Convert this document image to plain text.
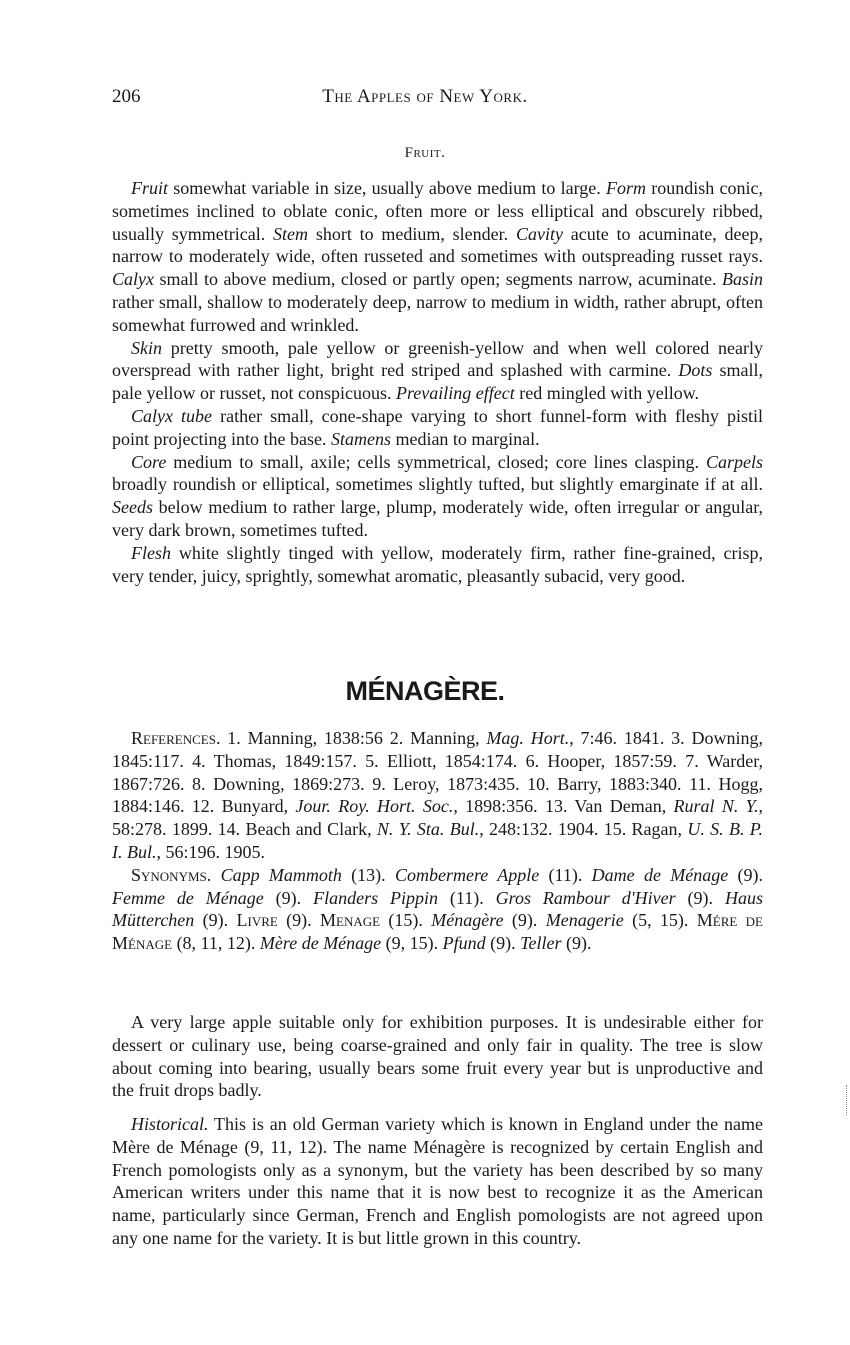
206	The Apples of New York.
Fruit.

Fruit somewhat variable in size, usually above medium to large. Form roundish conic, sometimes inclined to oblate conic, often more or less elliptical and obscurely ribbed, usually symmetrical. Stem short to medium, slender. Cavity acute to acuminate, deep, narrow to moderately wide, often russeted and sometimes with outspreading russet rays. Calyx small to above medium, closed or partly open; segments narrow, acuminate. Basin rather small, shallow to moderately deep, narrow to medium in width, rather abrupt, often somewhat furrowed and wrinkled.

Skin pretty smooth, pale yellow or greenish-yellow and when well colored nearly overspread with rather light, bright red striped and splashed with carmine. Dots small, pale yellow or russet, not conspicuous. Prevailing effect red mingled with yellow.

Calyx tube rather small, cone-shape varying to short funnel-form with fleshy pistil point projecting into the base. Stamens median to marginal.

Core medium to small, axile; cells symmetrical, closed; core lines clasping. Carpels broadly roundish or elliptical, sometimes slightly tufted, but slightly emarginate if at all. Seeds below medium to rather large, plump, moderately wide, often irregular or angular, very dark brown, sometimes tufted.

Flesh white slightly tinged with yellow, moderately firm, rather fine-grained, crisp, very tender, juicy, sprightly, somewhat aromatic, pleasantly subacid, very good.

MÉNAGÈRE.

References. 1. Manning, 1838:56 2. Manning, Mag. Hort., 7:46. 1841. 3. Downing, 1845:117. 4. Thomas, 1849:157. 5. Elliott, 1854:174. 6. Hooper, 1857:59. 7. Warder, 1867:726. 8. Downing, 1869:273. 9. Leroy, 1873:435. 10. Barry, 1883:340. 11. Hogg, 1884:146. 12. Bunyard, Jour. Roy. Hort. Soc., 1898:356. 13. Van Deman, Rural N. Y., 58:278. 1899. 14. Beach and Clark, N. Y. Sta. Bul., 248:132. 1904. 15. Ragan, U. S. B. P. I. Bul., 56:196. 1905.

Synonyms. Capp Mammoth (13). Combermere Apple (11). Dame de Ménage (9). Femme de Ménage (9). Flanders Pippin (11). Gros Rambour d'Hiver (9). Haus Mütterchen (9). Livre (9). Menage (15). Ménagère (9). Menagerie (5, 15). Mére de Ménage (8, 11, 12). Mère de Ménage (9, 15). Pfund (9). Teller (9).

A very large apple suitable only for exhibition purposes. It is undesirable either for dessert or culinary use, being coarse-grained and only fair in quality. The tree is slow about coming into bearing, usually bears some fruit every year but is unproductive and the fruit drops badly.

Historical. This is an old German variety which is known in England under the name Mère de Ménage (9, 11, 12). The name Ménagère is recognized by certain English and French pomologists only as a synonym, but the variety has been described by so many American writers under this name that it is now best to recognize it as the American name, particularly since German, French and English pomologists are not agreed upon any one name for the variety. It is but little grown in this country.
